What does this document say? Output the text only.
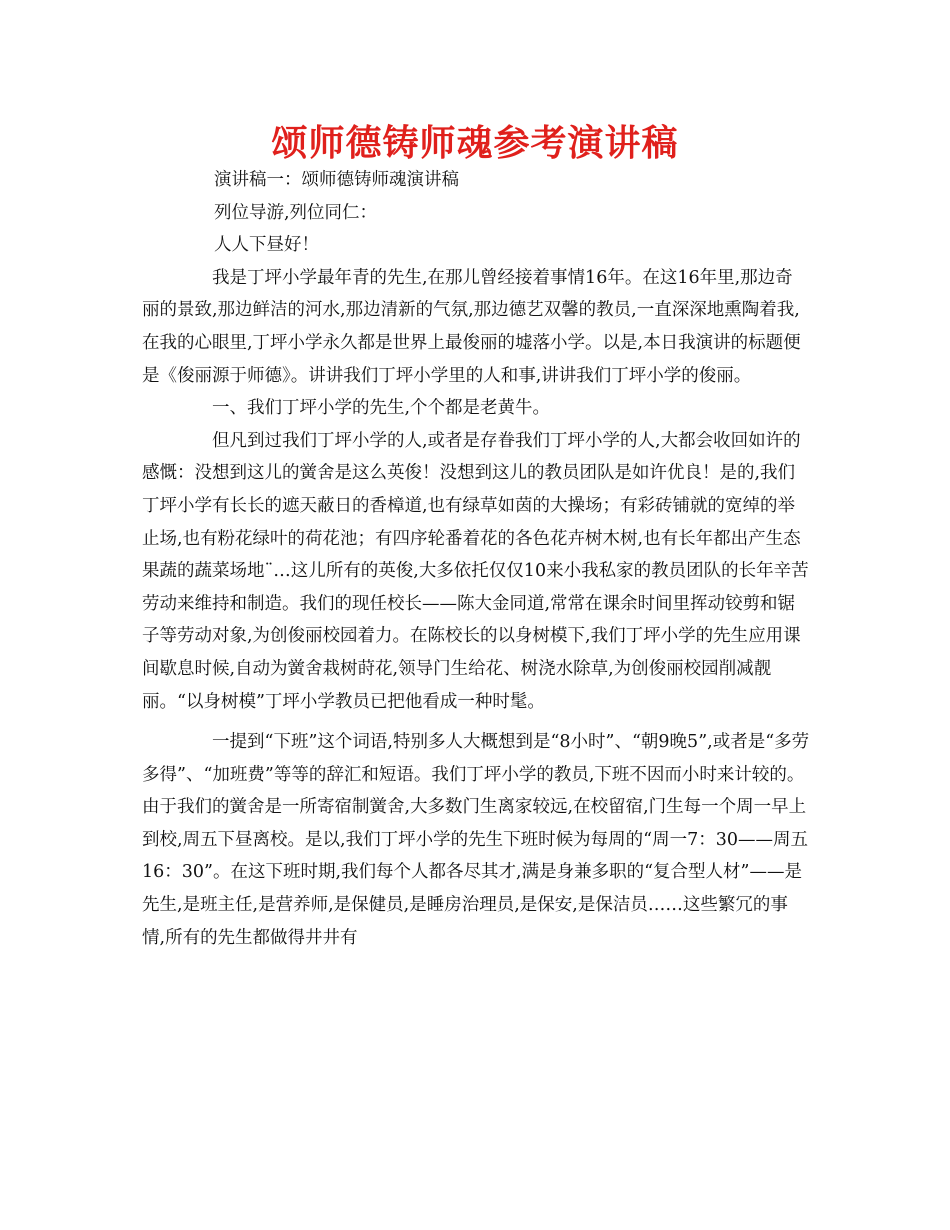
颂师德铸师魂参考演讲稿

演讲稿一：颂师德铸师魂演讲稿

列位导游,列位同仁：

人人下昼好！

我是丁坪小学最年青的先生,在那儿曾经接着事情16年。在这16年里,那边奇丽的景致,那边鲜洁的河水,那边清新的气氛,那边德艺双馨的教员,一直深深地熏陶着我,在我的心眼里,丁坪小学永久都是世界上最俊丽的墟落小学。以是,本日我演讲的标题便是《俊丽源于师德》。讲讲我们丁坪小学里的人和事,讲讲我们丁坪小学的俊丽。

一、我们丁坪小学的先生,个个都是老黄牛。

但凡到过我们丁坪小学的人,或者是存眷我们丁坪小学的人,大都会收回如许的感慨：没想到这儿的黉舍是这么英俊！没想到这儿的教员团队是如许优良！是的,我们丁坪小学有长长的遮天蔽日的香樟道,也有绿草如茵的大操场；有彩砖铺就的宽绰的举止场,也有粉花绿叶的荷花池；有四序轮番着花的各色花卉树木树,也有长年都出产生态果蔬的蔬菜场地¨…这儿所有的英俊,大多依托仅仅10来小我私家的教员团队的长年辛苦劳动来维持和制造。我们的现任校长——陈大金同道,常常在课余时间里挥动铰剪和锯子等劳动对象,为创俊丽校园着力。在陈校长的以身树模下,我们丁坪小学的先生应用课间歇息时候,自动为黉舍栽树莳花,领导门生给花、树浇水除草,为创俊丽校园削减靓丽。“以身树模”丁坪小学教员已把他看成一种时髦。

一提到“下班”这个词语,特别多人大概想到是“8小时”、“朝9晚5”,或者是“多劳多得”、“加班费”等等的辞汇和短语。我们丁坪小学的教员,下班不因而小时来计较的。由于我们的黉舍是一所寄宿制黉舍,大多数门生离家较远,在校留宿,门生每一个周一早上到校,周五下昼离校。是以,我们丁坪小学的先生下班时候为每周的“周一7：30——周五16：30”。在这下班时期,我们每个人都各尽其才,满是身兼多职的“复合型人材”——是先生,是班主任,是营养师,是保健员,是睡房治理员,是保安,是保洁员……这些繁冗的事情,所有的先生都做得井井有
